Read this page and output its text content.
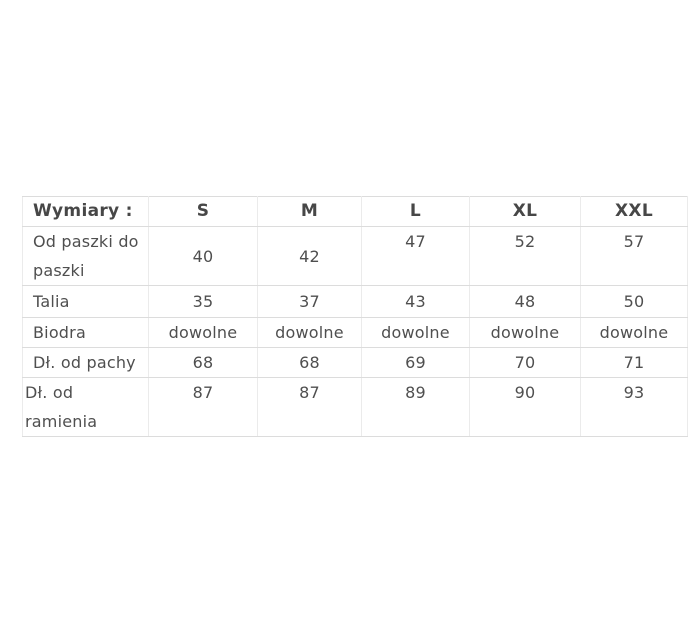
Wymiary :	S	M	L	XL	XXL
Od paszki do
paszki	40	42	47	52	57
Talia	35	37	43	48	50
Biodra	dowolne	dowolne	dowolne	dowolne	dowolne
Dł. od pachy	68	68	69	70	71
Dł. od
ramienia	87	87	89	90	93
